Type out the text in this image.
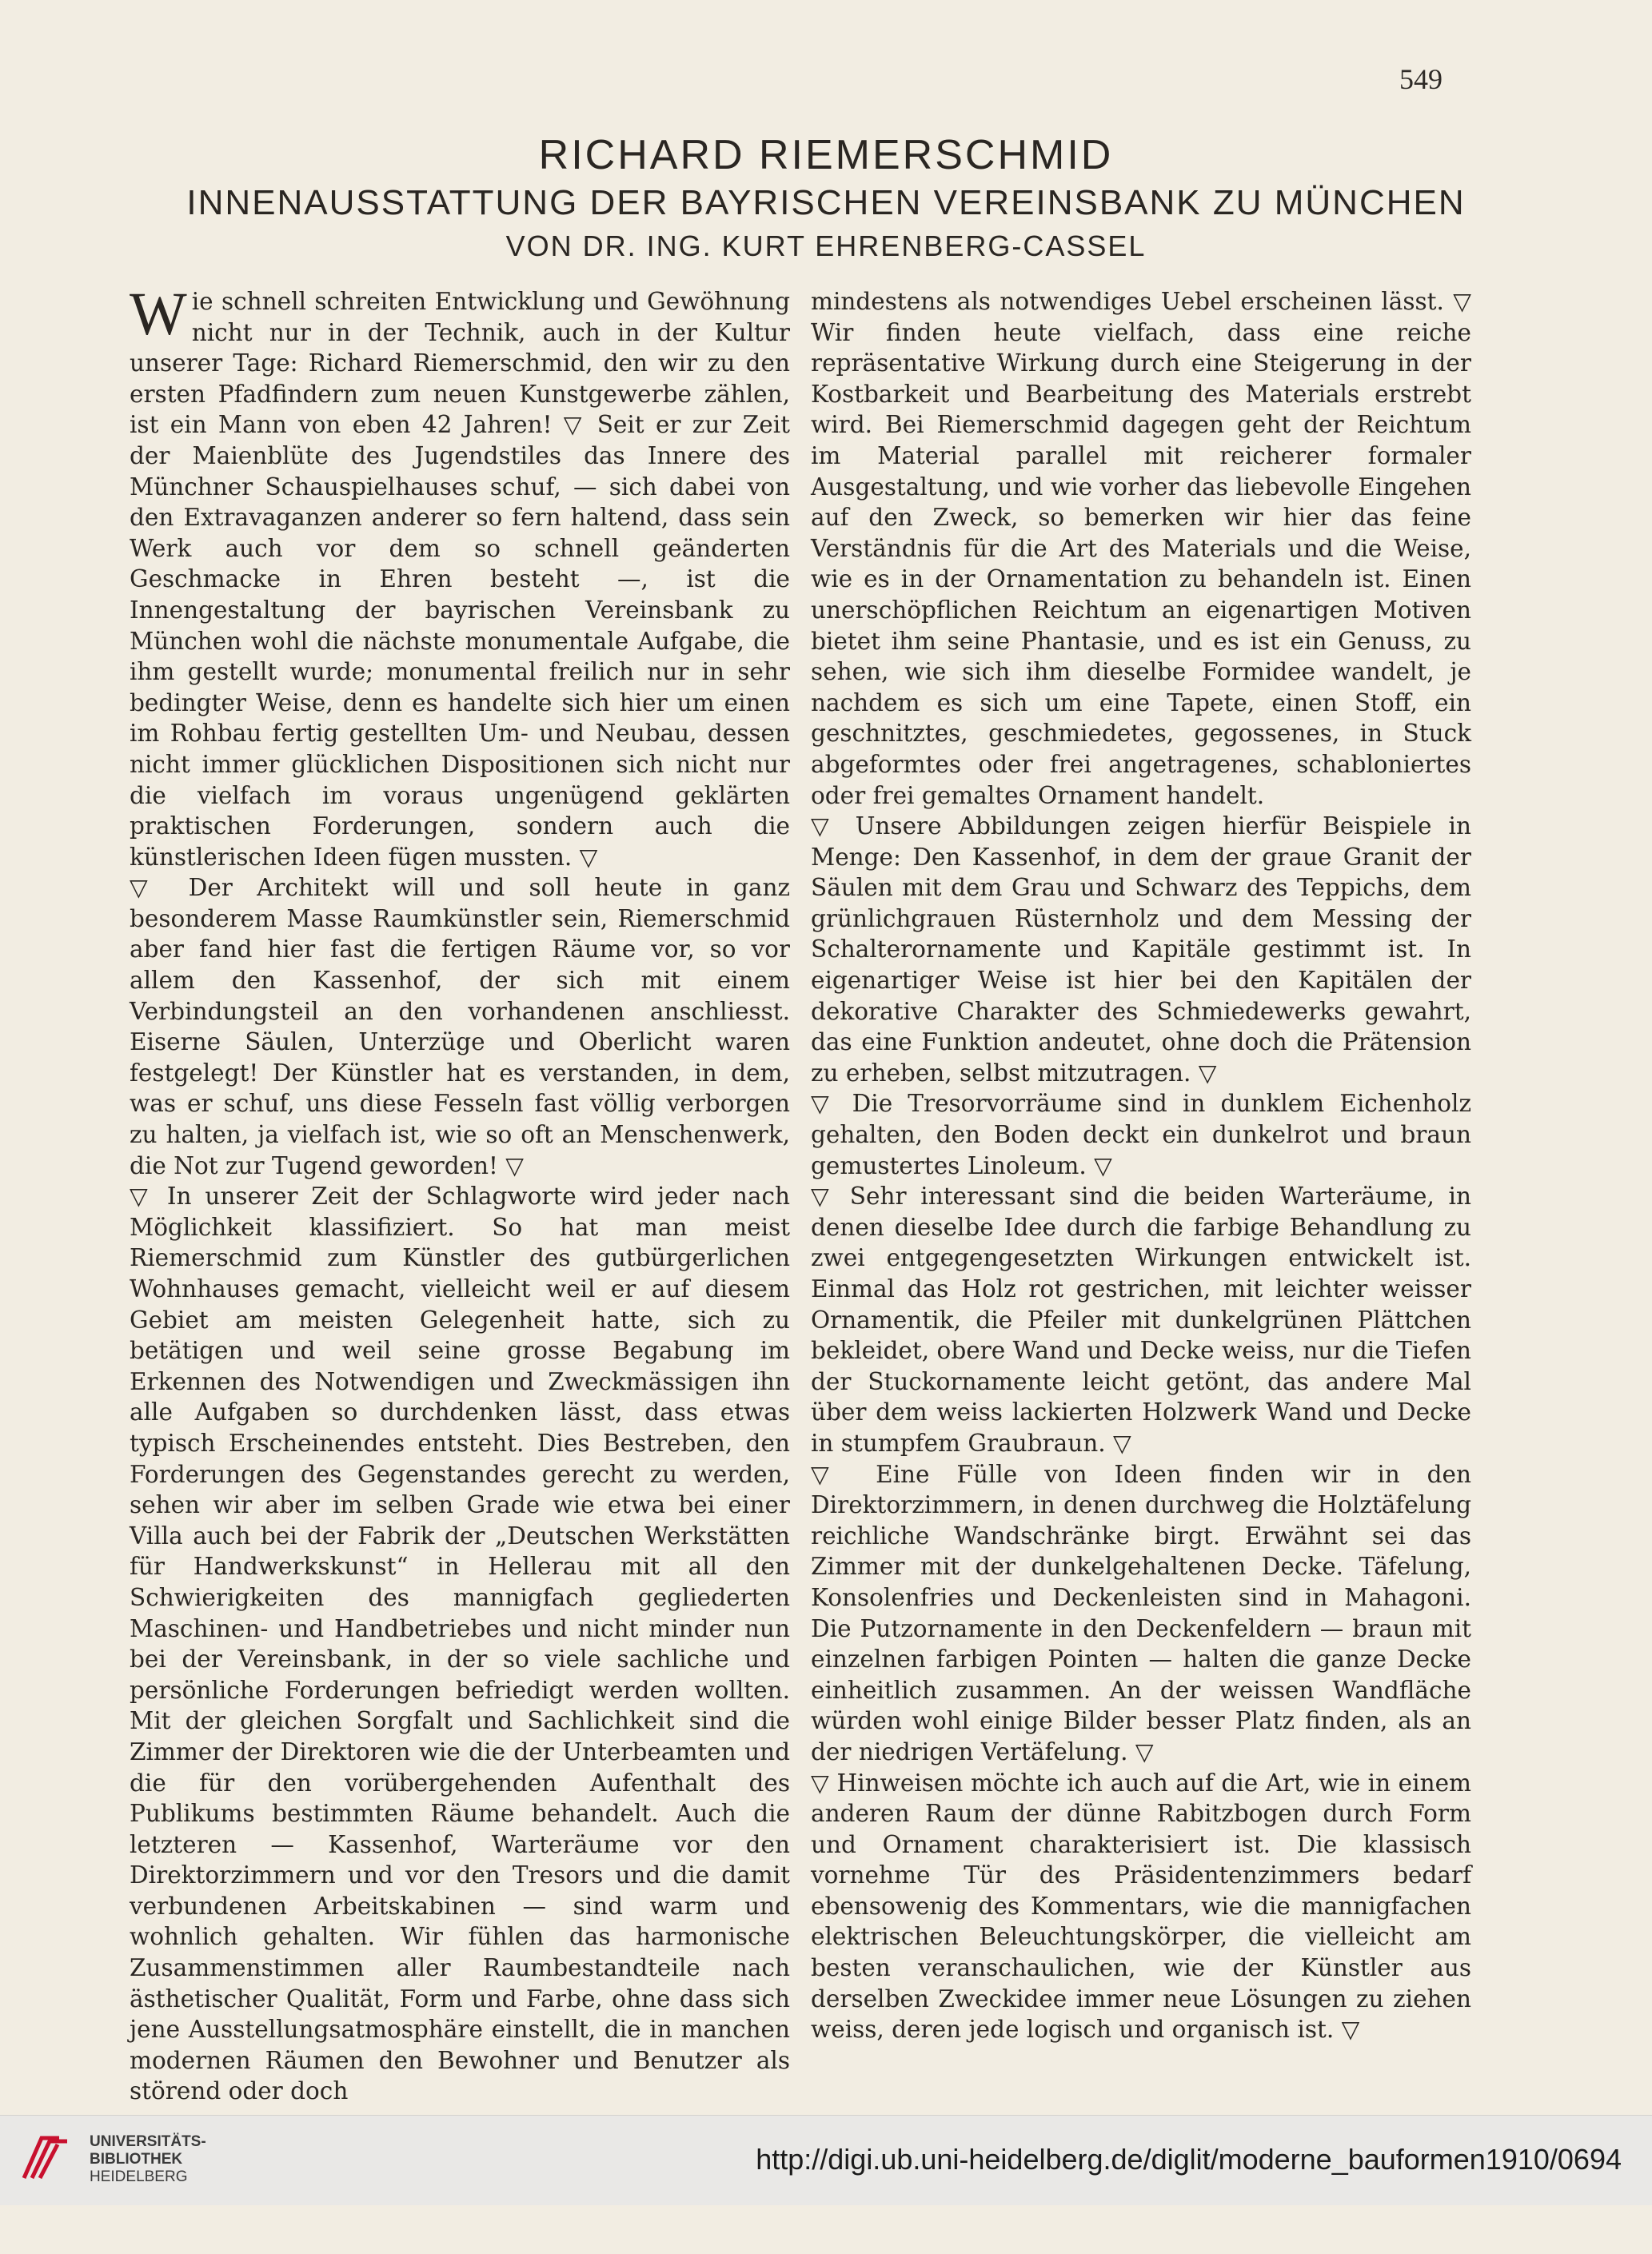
549
RICHARD RIEMERSCHMID
INNENAUSSTATTUNG DER BAYRISCHEN VEREINSBANK ZU MÜNCHEN
VON DR. ING. KURT EHRENBERG-CASSEL

Wie schnell schreiten Entwicklung und Gewöhnung nicht nur in der Technik, auch in der Kultur unserer Tage: Richard Riemerschmid, den wir zu den ersten Pfadfindern zum neuen Kunstgewerbe zählen, ist ein Mann von eben 42 Jahren! ▽ Seit er zur Zeit der Maienblüte des Jugendstiles das Innere des Münchner Schauspielhauses schuf, — sich dabei von den Extravaganzen anderer so fern haltend, dass sein Werk auch vor dem so schnell geänderten Geschmacke in Ehren besteht —, ist die Innengestaltung der bayrischen Vereinsbank zu München wohl die nächste monumentale Aufgabe, die ihm gestellt wurde; monumental freilich nur in sehr bedingter Weise, denn es handelte sich hier um einen im Rohbau fertig gestellten Um- und Neubau, dessen nicht immer glücklichen Dispositionen sich nicht nur die vielfach im voraus ungenügend geklärten praktischen Forderungen, sondern auch die künstlerischen Ideen fügen mussten. ▽

▽ Der Architekt will und soll heute in ganz besonderem Masse Raumkünstler sein, Riemerschmid aber fand hier fast die fertigen Räume vor, so vor allem den Kassenhof, der sich mit einem Verbindungsteil an den vorhandenen anschliesst. Eiserne Säulen, Unterzüge und Oberlicht waren festgelegt! Der Künstler hat es verstanden, in dem, was er schuf, uns diese Fesseln fast völlig verborgen zu halten, ja vielfach ist, wie so oft an Menschenwerk, die Not zur Tugend geworden! ▽

▽ In unserer Zeit der Schlagworte wird jeder nach Möglichkeit klassifiziert. So hat man meist Riemerschmid zum Künstler des gutbürgerlichen Wohnhauses gemacht, vielleicht weil er auf diesem Gebiet am meisten Gelegenheit hatte, sich zu betätigen und weil seine grosse Begabung im Erkennen des Notwendigen und Zweckmässigen ihn alle Aufgaben so durchdenken lässt, dass etwas typisch Erscheinendes entsteht. Dies Bestreben, den Forderungen des Gegenstandes gerecht zu werden, sehen wir aber im selben Grade wie etwa bei einer Villa auch bei der Fabrik der „Deutschen Werkstätten für Handwerkskunst“ in Hellerau mit all den Schwierigkeiten des mannigfach gegliederten Maschinen- und Handbetriebes und nicht minder nun bei der Vereinsbank, in der so viele sachliche und persönliche Forderungen befriedigt werden wollten. Mit der gleichen Sorgfalt und Sachlichkeit sind die Zimmer der Direktoren wie die der Unterbeamten und die für den vorübergehenden Aufenthalt des Publikums bestimmten Räume behandelt. Auch die letzteren — Kassenhof, Warteräume vor den Direktorzimmern und vor den Tresors und die damit verbundenen Arbeitskabinen — sind warm und wohnlich gehalten. Wir fühlen das harmonische Zusammenstimmen aller Raumbestandteile nach ästhetischer Qualität, Form und Farbe, ohne dass sich jene Ausstellungsatmosphäre einstellt, die in manchen modernen Räumen den Bewohner und Benutzer als störend oder doch

mindestens als notwendiges Uebel erscheinen lässt. ▽ Wir finden heute vielfach, dass eine reiche repräsentative Wirkung durch eine Steigerung in der Kostbarkeit und Bearbeitung des Materials erstrebt wird. Bei Riemerschmid dagegen geht der Reichtum im Material parallel mit reicherer formaler Ausgestaltung, und wie vorher das liebevolle Eingehen auf den Zweck, so bemerken wir hier das feine Verständnis für die Art des Materials und die Weise, wie es in der Ornamentation zu behandeln ist. Einen unerschöpflichen Reichtum an eigenartigen Motiven bietet ihm seine Phantasie, und es ist ein Genuss, zu sehen, wie sich ihm dieselbe Formidee wandelt, je nachdem es sich um eine Tapete, einen Stoff, ein geschnitztes, geschmiedetes, gegossenes, in Stuck abgeformtes oder frei angetragenes, schabloniertes oder frei gemaltes Ornament handelt.

▽ Unsere Abbildungen zeigen hierfür Beispiele in Menge: Den Kassenhof, in dem der graue Granit der Säulen mit dem Grau und Schwarz des Teppichs, dem grünlichgrauen Rüsternholz und dem Messing der Schalterornamente und Kapitäle gestimmt ist. In eigenartiger Weise ist hier bei den Kapitälen der dekorative Charakter des Schmiedewerks gewahrt, das eine Funktion andeutet, ohne doch die Prätension zu erheben, selbst mitzutragen. ▽

▽ Die Tresorvorräume sind in dunklem Eichenholz gehalten, den Boden deckt ein dunkelrot und braun gemustertes Linoleum. ▽

▽ Sehr interessant sind die beiden Warteräume, in denen dieselbe Idee durch die farbige Behandlung zu zwei entgegengesetzten Wirkungen entwickelt ist. Einmal das Holz rot gestrichen, mit leichter weisser Ornamentik, die Pfeiler mit dunkelgrünen Plättchen bekleidet, obere Wand und Decke weiss, nur die Tiefen der Stuckornamente leicht getönt, das andere Mal über dem weiss lackierten Holzwerk Wand und Decke in stumpfem Graubraun. ▽

▽ Eine Fülle von Ideen finden wir in den Direktorzimmern, in denen durchweg die Holztäfelung reichliche Wandschränke birgt. Erwähnt sei das Zimmer mit der dunkelgehaltenen Decke. Täfelung, Konsolenfries und Deckenleisten sind in Mahagoni. Die Putzornamente in den Deckenfeldern — braun mit einzelnen farbigen Pointen — halten die ganze Decke einheitlich zusammen. An der weissen Wandfläche würden wohl einige Bilder besser Platz finden, als an der niedrigen Vertäfelung. ▽

▽ Hinweisen möchte ich auch auf die Art, wie in einem anderen Raum der dünne Rabitzbogen durch Form und Ornament charakterisiert ist. Die klassisch vornehme Tür des Präsidentenzimmers bedarf ebensowenig des Kommentars, wie die mannigfachen elektrischen Beleuchtungskörper, die vielleicht am besten veranschaulichen, wie der Künstler aus derselben Zweckidee immer neue Lösungen zu ziehen weiss, deren jede logisch und organisch ist. ▽

UNIVERSITÄTS-
BIBLIOTHEK
HEIDELBERG
http://digi.ub.uni-heidelberg.de/diglit/moderne_bauformen1910/0694
